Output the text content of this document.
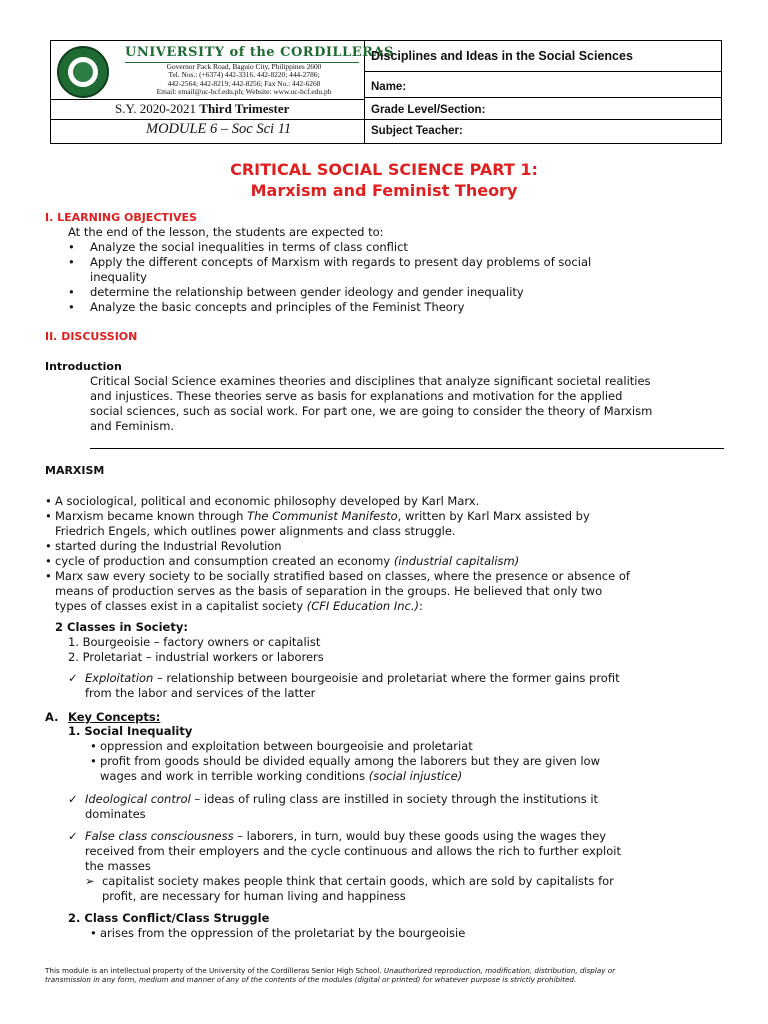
UNIVERSITY of the CORDILLERAS
Governor Pack Road, Baguio City, Philippines 2600
Tel. Nos.: (+6374) 442-3316, 442-8220; 444-2786;
442-2564; 442-8219; 442-8256; Fax No.: 442-6268
Email: email@uc-bcf.edu.ph; Website: www.uc-bcf.edu.ph
S.Y. 2020-2021 Third Trimester
MODULE 6 – Soc Sci 11
Disciplines and Ideas in the Social Sciences
Name:
Grade Level/Section:
Subject Teacher:
CRITICAL SOCIAL SCIENCE PART 1:
Marxism and Feminist Theory
I. LEARNING OBJECTIVES
At the end of the lesson, the students are expected to:
• Analyze the social inequalities in terms of class conflict
• Apply the different concepts of Marxism with regards to present day problems of social
inequality
• determine the relationship between gender ideology and gender inequality
• Analyze the basic concepts and principles of the Feminist Theory
II. DISCUSSION
Introduction
Critical Social Science examines theories and disciplines that analyze significant societal realities
and injustices. These theories serve as basis for explanations and motivation for the applied
social sciences, such as social work. For part one, we are going to consider the theory of Marxism
and Feminism.
MARXISM
• A sociological, political and economic philosophy developed by Karl Marx.
• Marxism became known through The Communist Manifesto, written by Karl Marx assisted by
Friedrich Engels, which outlines power alignments and class struggle.
• started during the Industrial Revolution
• cycle of production and consumption created an economy (industrial capitalism)
• Marx saw every society to be socially stratified based on classes, where the presence or absence of
means of production serves as the basis of separation in the groups. He believed that only two
types of classes exist in a capitalist society (CFI Education Inc.):
2 Classes in Society:
1. Bourgeoisie – factory owners or capitalist
2. Proletariat – industrial workers or laborers
✓ Exploitation – relationship between bourgeoisie and proletariat where the former gains profit
from the labor and services of the latter
A. Key Concepts:
1. Social Inequality
• oppression and exploitation between bourgeoisie and proletariat
• profit from goods should be divided equally among the laborers but they are given low
wages and work in terrible working conditions (social injustice)
✓ Ideological control – ideas of ruling class are instilled in society through the institutions it
dominates
✓ False class consciousness – laborers, in turn, would buy these goods using the wages they
received from their employers and the cycle continuous and allows the rich to further exploit
the masses
➢ capitalist society makes people think that certain goods, which are sold by capitalists for
profit, are necessary for human living and happiness
2. Class Conflict/Class Struggle
• arises from the oppression of the proletariat by the bourgeoisie
This module is an intellectual property of the University of the Cordilleras Senior High School. Unauthorized reproduction, modification, distribution, display or
transmission in any form, medium and manner of any of the contents of the modules (digital or printed) for whatever purpose is strictly prohibited.
